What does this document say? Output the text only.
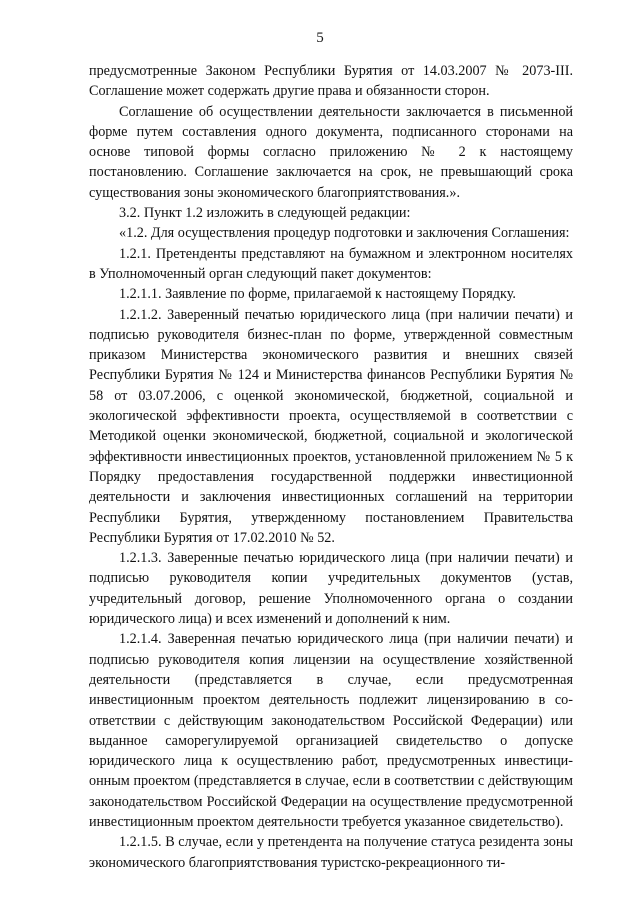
5

предусмотренные Законом Республики Бурятия от 14.03.2007 № 2073-III. Соглашение может содержать другие права и обязанности сторон.

Соглашение об осуществлении деятельности заключается в письменной форме путем составления одного документа, подписанного сторонами на основе типовой формы согласно приложению № 2 к настоящему постановлению. Соглашение заключается на срок, не превышающий срока существования зоны экономического благоприятствования.».

3.2. Пункт 1.2 изложить в следующей редакции:

«1.2. Для осуществления процедур подготовки и заключения Соглашения:

1.2.1. Претенденты представляют на бумажном и электронном носителях в Уполномоченный орган следующий пакет документов:

1.2.1.1. Заявление по форме, прилагаемой к настоящему Порядку.

1.2.1.2. Заверенный печатью юридического лица (при наличии печати) и подписью руководителя бизнес-план по форме, утвержденной совместным приказом Министерства экономического развития и внешних связей Республики Бурятия № 124 и Министерства финансов Республики Бурятия № 58 от 03.07.2006, с оценкой экономической, бюджетной, социальной и экологической эффективности проекта, осуществляемой в соответствии с Методикой оценки экономической, бюджетной, социальной и экологической эффективности инвестиционных проектов, установленной приложением № 5 к Порядку предоставления государственной поддержки инвестиционной деятельности и заключения инвестиционных соглашений на территории Республики Бурятия, утвержденному постановлением Правительства Республики Бурятия от 17.02.2010 № 52.

1.2.1.3. Заверенные печатью юридического лица (при наличии печати) и подписью руководителя копии учредительных документов (устав, учредительный договор, решение Уполномоченного органа о создании юридического лица) и всех изменений и дополнений к ним.

1.2.1.4. Заверенная печатью юридического лица (при наличии печати) и подписью руководителя копия лицензии на осуществление хозяйственной деятельности (представляется в случае, если предусмотренная инвестиционным проектом деятельность подлежит лицензированию в соответствии с действующим законодательством Российской Федерации) или выданное саморегулируемой организацией свидетельство о допуске юридического лица к осуществлению работ, предусмотренных инвестиционным проектом (представляется в случае, если в соответствии с действующим законодательством Российской Федерации на осуществление предусмотренной инвестиционным проектом деятельности требуется указанное свидетельство).

1.2.1.5. В случае, если у претендента на получение статуса резидента зоны экономического благоприятствования туристско-рекреационного ти-
